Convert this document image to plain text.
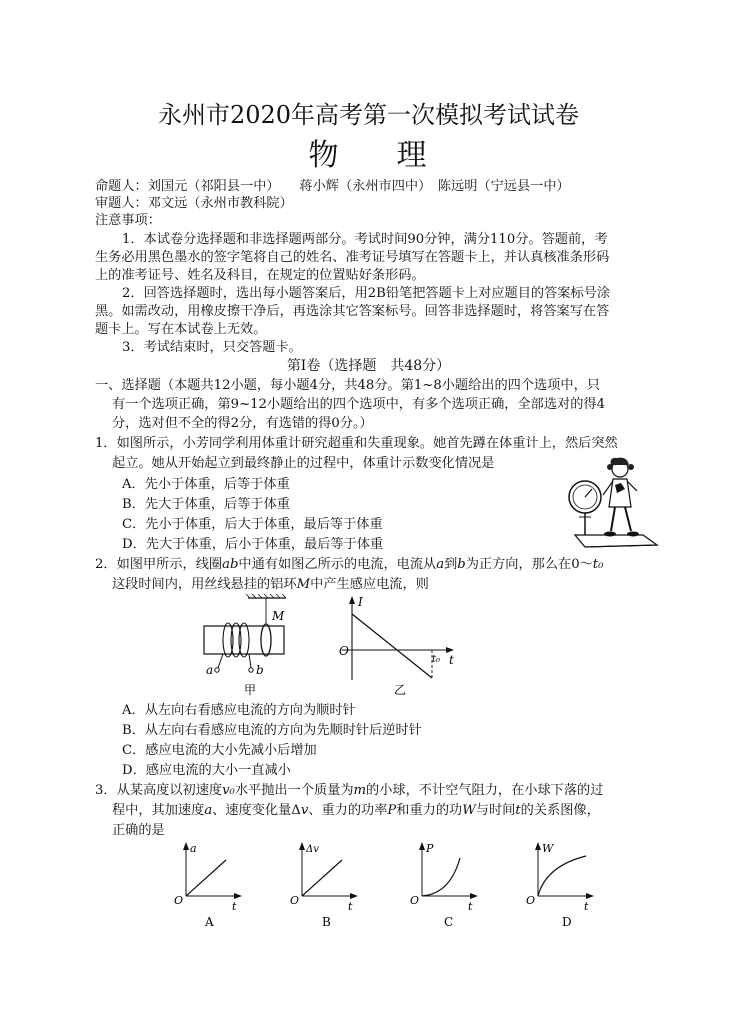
永州市2020年高考第一次模拟考试试卷
物 理
命题人：刘国元（祁阳县一中）　　蒋小辉（永州市四中）　陈远明（宁远县一中）
审题人：邓文远（永州市教科院）
注意事项：
1．本试卷分选择题和非选择题两部分。考试时间90分钟，满分110分。答题前，考
生务必用黑色墨水的签字笔将自己的姓名、准考证号填写在答题卡上，并认真核准条形码
上的准考证号、姓名及科目，在规定的位置贴好条形码。
2．回答选择题时，选出每小题答案后，用2B铅笔把答题卡上对应题目的答案标号涂
黑。如需改动，用橡皮擦干净后，再选涂其它答案标号。回答非选择题时，将答案写在答
题卡上。写在本试卷上无效。
3．考试结束时，只交答题卡。
第Ⅰ卷（选择题　共48分）
一、选择题（本题共12小题，每小题4分，共48分。第1~8小题给出的四个选项中，只
有一个选项正确，第9~12小题给出的四个选项中，有多个选项正确，全部选对的得4
分，选对但不全的得2分，有选错的得0分。）
1．如图所示，小芳同学利用体重计研究超重和失重现象。她首先蹲在体重计上，然后突然
起立。她从开始起立到最终静止的过程中，体重计示数变化情况是
A．先小于体重，后等于体重
B．先大于体重，后等于体重
C．先小于体重，后大于体重，最后等于体重
D．先大于体重，后小于体重，最后等于体重
2．如图甲所示，线圈ab中通有如图乙所示的电流，电流从a到b为正方向，那么在0～t₀
这段时间内，用丝线悬挂的铝环M中产生感应电流，则
M
a	b
甲
I
O
t₀ t
乙
A．从左向右看感应电流的方向为顺时针
B．从左向右看感应电流的方向为先顺时针后逆时针
C．感应电流的大小先减小后增加
D．感应电流的大小一直减小
3．从某高度以初速度v₀水平抛出一个质量为m的小球，不计空气阻力，在小球下落的过
程中，其加速度a、速度变化量Δv、重力的功率P和重力的功W与时间t的关系图像，
正确的是
a
O	t
A
Δv
O	t
B
P
O	t
C
W
O	t
D
